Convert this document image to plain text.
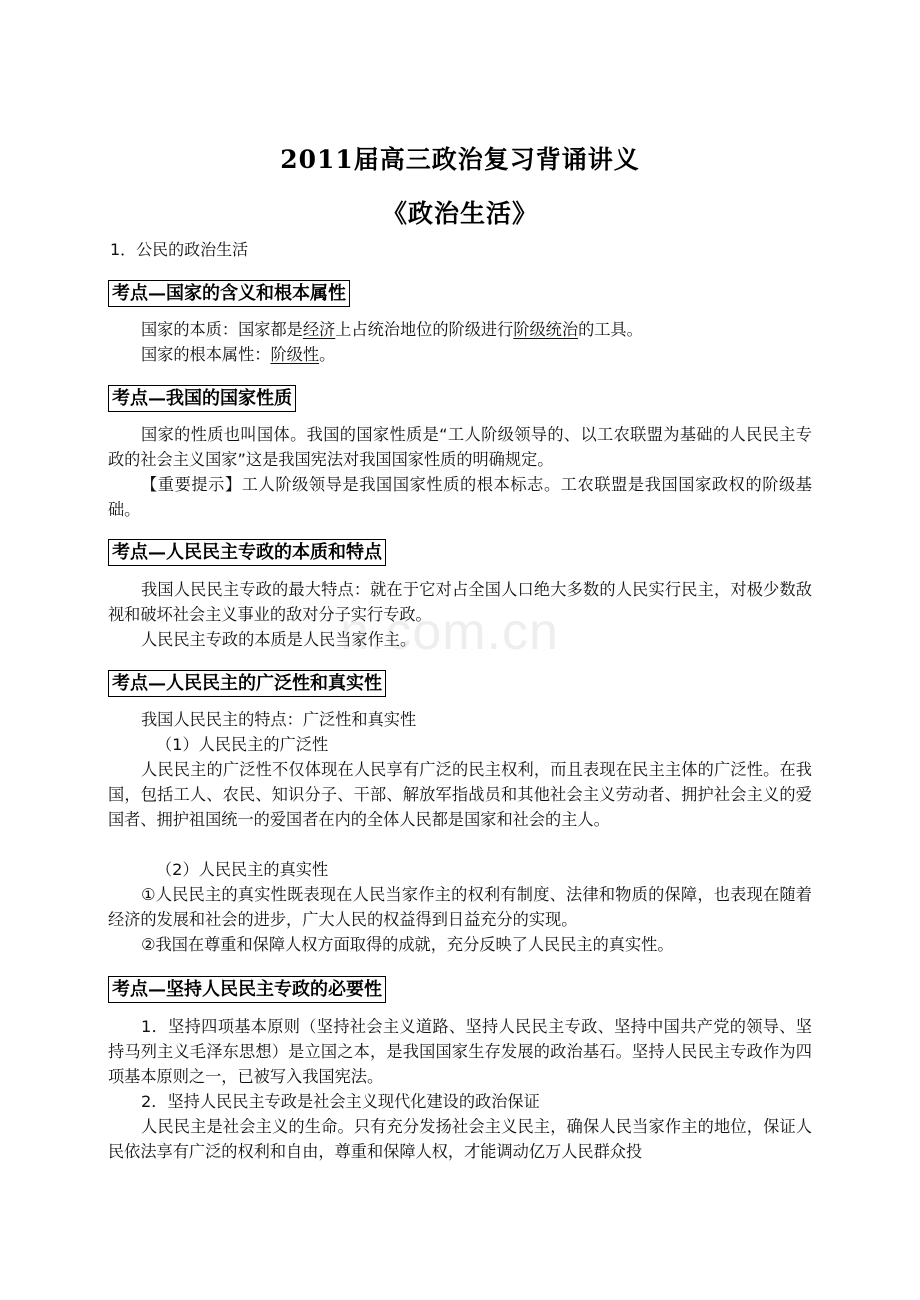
2011届高三政治复习背诵讲义
《政治生活》
1．公民的政治生活
考点—国家的含义和根本属性

国家的本质：国家都是经济上占统治地位的阶级进行阶级统治的工具。

国家的根本属性：阶级性。

考点—我国的国家性质

国家的性质也叫国体。我国的国家性质是“工人阶级领导的、以工农联盟为基础的人民民主专政的社会主义国家”这是我国宪法对我国国家性质的明确规定。

【重要提示】工人阶级领导是我国国家性质的根本标志。工农联盟是我国国家政权的阶级基础。

考点—人民民主专政的本质和特点

我国人民民主专政的最大特点：就在于它对占全国人口绝大多数的人民实行民主，对极少数敌视和破坏社会主义事业的敌对分子实行专政。

人民民主专政的本质是人民当家作主。

考点—人民民主的广泛性和真实性

我国人民民主的特点：广泛性和真实性

（1）人民民主的广泛性

人民民主的广泛性不仅体现在人民享有广泛的民主权利，而且表现在民主主体的广泛性。在我国，包括工人、农民、知识分子、干部、解放军指战员和其他社会主义劳动者、拥护社会主义的爱国者、拥护祖国统一的爱国者在内的全体人民都是国家和社会的主人。

（2）人民民主的真实性

①人民民主的真实性既表现在人民当家作主的权利有制度、法律和物质的保障，也表现在随着经济的发展和社会的进步，广大人民的权益得到日益充分的实现。

②我国在尊重和保障人权方面取得的成就，充分反映了人民民主的真实性。

考点—坚持人民民主专政的必要性

1．坚持四项基本原则（坚持社会主义道路、坚持人民民主专政、坚持中国共产党的领导、坚持马列主义毛泽东思想）是立国之本，是我国国家生存发展的政治基石。坚持人民民主专政作为四项基本原则之一，已被写入我国宪法。

2．坚持人民民主专政是社会主义现代化建设的政治保证

人民民主是社会主义的生命。只有充分发扬社会主义民主，确保人民当家作主的地位，保证人民依法享有广泛的权利和自由，尊重和保障人权，才能调动亿万人民群众投

n.com.cn
